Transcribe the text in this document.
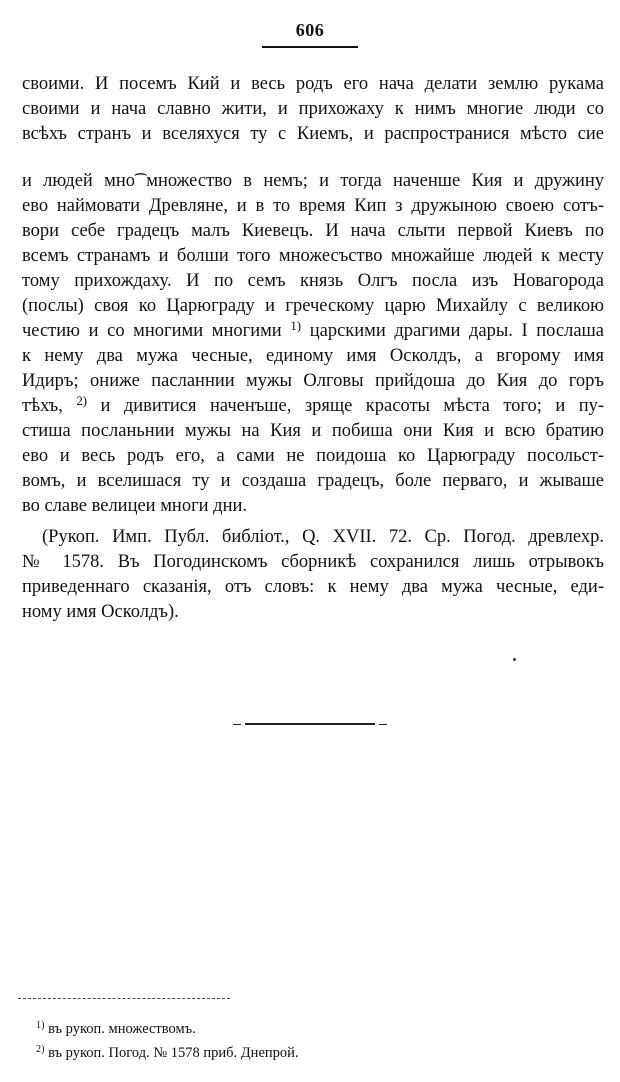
606
своими. И посемъ Кий и весь родъ его нача делати землю рукама
своими и нача славно жити, и прихожаху к нимъ многие люди со
всѣхъ странъ и вселяхуся ту с Киемъ, и распространися мѣсто сие
и людей мно͡ множество в немъ; и тогда наченше Кия и дружину
ево наймовати Древляне, и в то время Кип з дружыною своею сотъ-
вори себе градецъ малъ Киевецъ. И нача слыти первой Киевъ по
всемъ странамъ и болши того множесъство множайше людей к месту
тому прихождаху. И по семъ князь Олгъ посла изъ Новагорода
(послы) своя ко Царюграду и греческому царю Михайлу с великою
честию и со многими многими $^{1)}$ царскими драгими дары. I послаша
к нему два мужа чесные, единому имя Осколдъ, а вгорому имя
Идиръ; ониже пасланнии мужы Олговы прийдоша до Кия до горъ
тѣхъ, $^{2)}$ и дивитися наченъше, зряще красоты мѣста того; и пу-
стиша посланьнии мужы на Кия и побиша они Кия и всю братию
ево и весь родъ его, а сами не поидоша ко Царюграду посольст-
вомъ, и вселишася ту и создаша градецъ, боле перваго, и жываше
во славе велицеи многи дни.
(Рукоп. Имп. Публ. библіот., Q. XVII. 72. Ср. Погод. древлехр.
№ 1578. Въ Погодинскомъ сборникѣ сохранился лишь отрывокъ
приведеннаго сказанія, отъ словъ: к нему два мужа чесные, еди-
ному имя Осколдъ).
$^{1)}$ въ рукоп. множествомъ.
$^{2)}$ въ рукоп. Погод. № 1578 приб. Днепрой.
